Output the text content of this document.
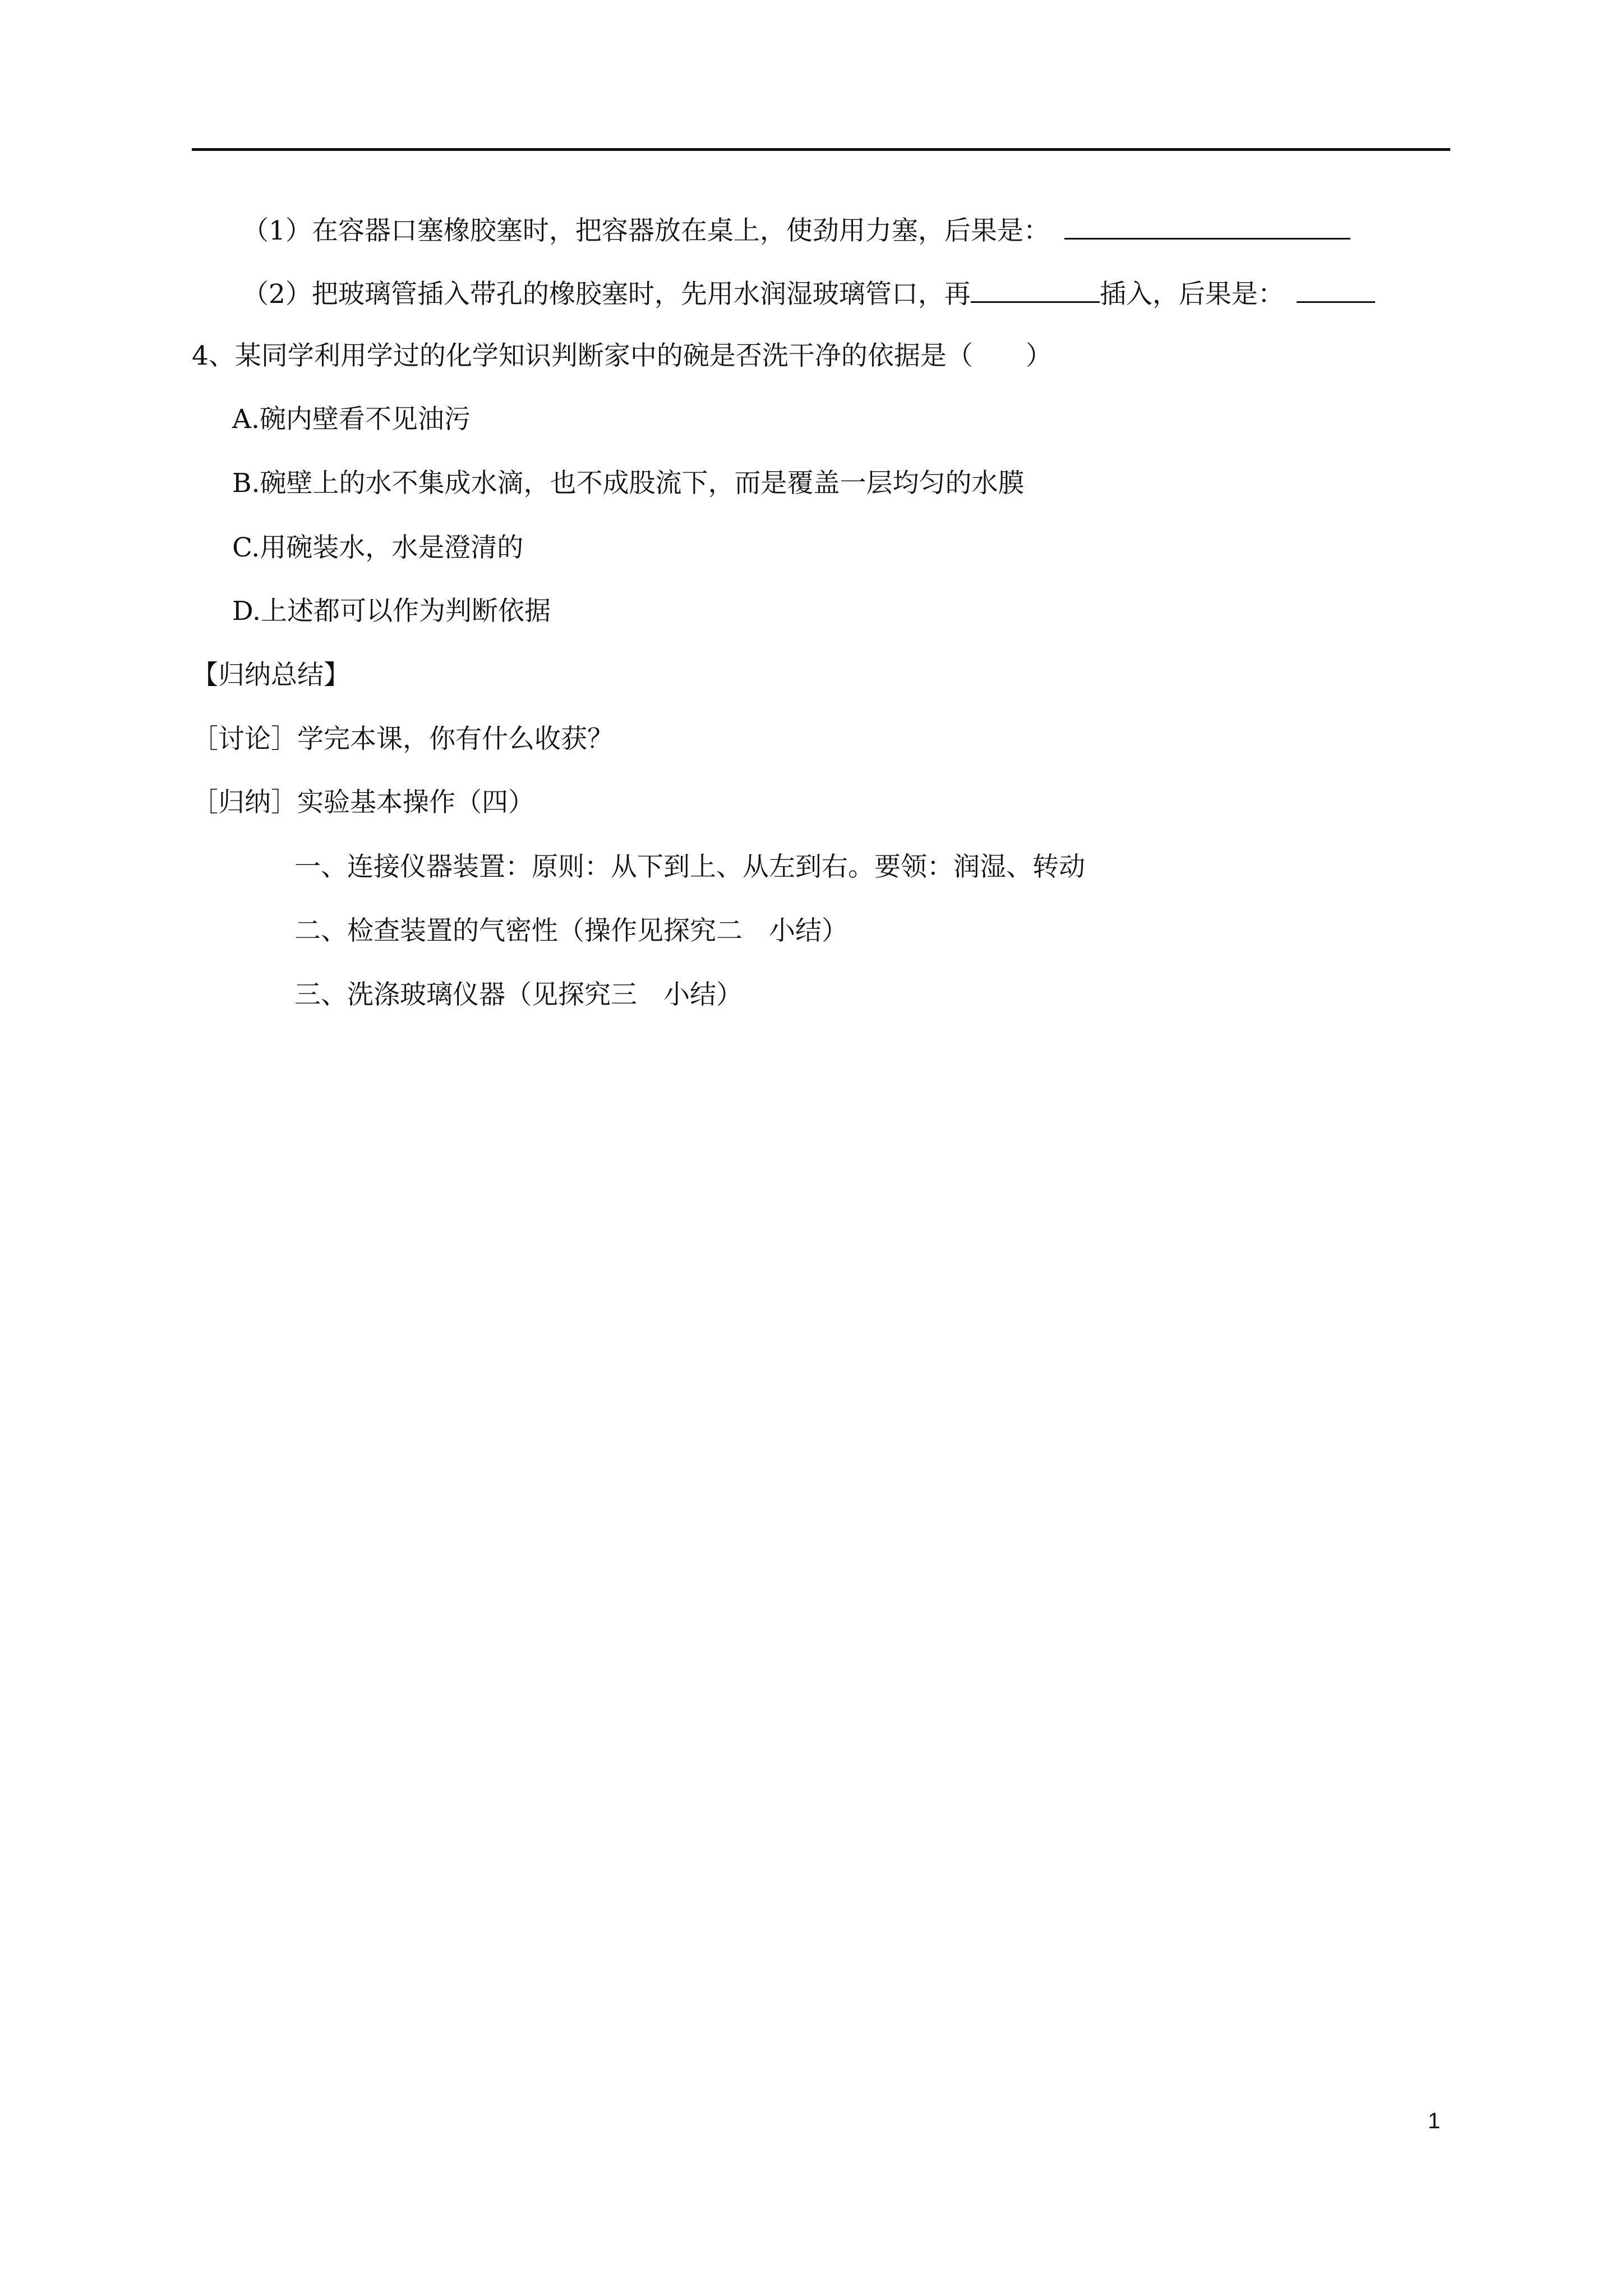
（1）在容器口塞橡胶塞时，把容器放在桌上，使劲用力塞，后果是：
（2）把玻璃管插入带孔的橡胶塞时，先用水润湿玻璃管口，再	插入，后果是：
4、某同学利用学过的化学知识判断家中的碗是否洗干净的依据是（　　）
A.碗内壁看不见油污
B.碗壁上的水不集成水滴，也不成股流下，而是覆盖一层均匀的水膜
C.用碗装水，水是澄清的
D.上述都可以作为判断依据
【归纳总结】
［讨论］学完本课，你有什么收获？
［归纳］实验基本操作（四）
一、连接仪器装置：原则：从下到上、从左到右。要领：润湿、转动
二、检查装置的气密性（操作见探究二　小结）
三、洗涤玻璃仪器（见探究三　小结）
1
